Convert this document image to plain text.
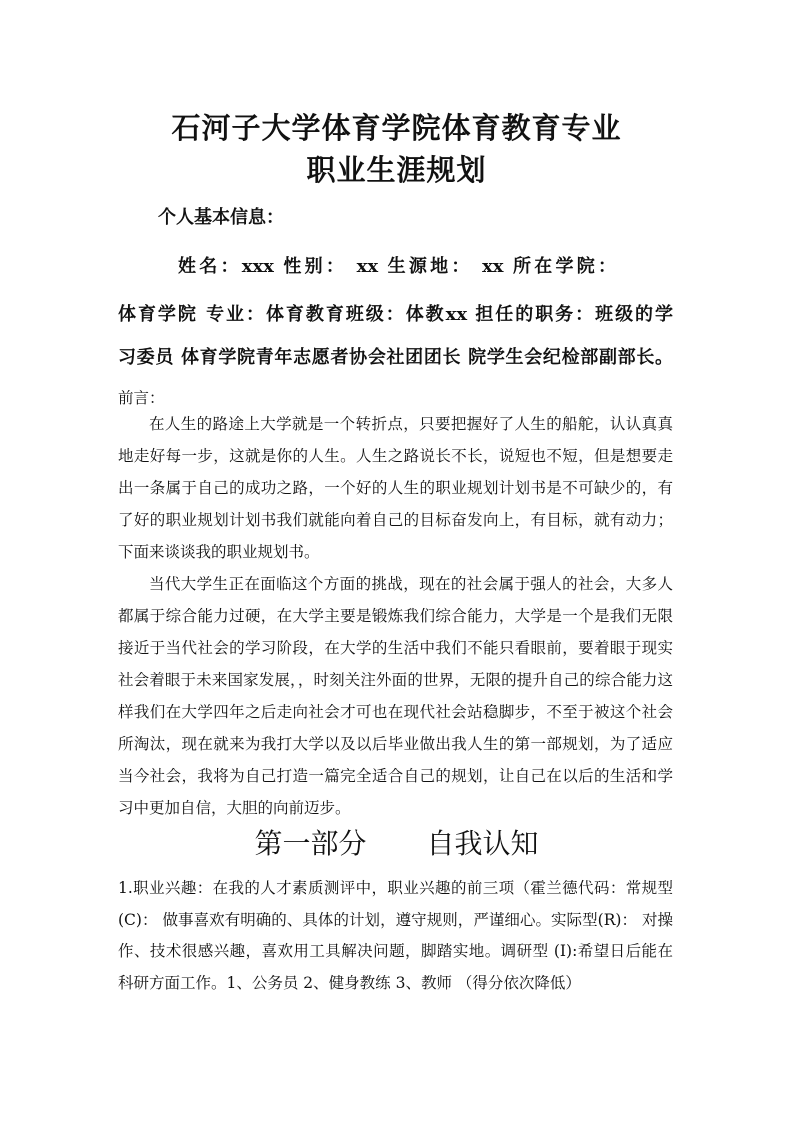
石河子大学体育学院体育教育专业
职业生涯规划
个人基本信息：
姓名：xxx 性别： xx 生源地： xx 所在学院：
体育学院 专业：体育教育班级：体教xx 担任的职务：班级的学
习委员 体育学院青年志愿者协会社团团长 院学生会纪检部副部长。
前言：

在人生的路途上大学就是一个转折点，只要把握好了人生的船舵，认认真真地走好每一步，这就是你的人生。人生之路说长不长，说短也不短，但是想要走出一条属于自己的成功之路，一个好的人生的职业规划计划书是不可缺少的，有了好的职业规划计划书我们就能向着自己的目标奋发向上，有目标，就有动力；下面来谈谈我的职业规划书。

当代大学生正在面临这个方面的挑战，现在的社会属于强人的社会，大多人都属于综合能力过硬，在大学主要是锻炼我们综合能力，大学是一个是我们无限接近于当代社会的学习阶段，在大学的生活中我们不能只看眼前，要着眼于现实社会着眼于未来国家发展，，时刻关注外面的世界，无限的提升自己的综合能力这样我们在大学四年之后走向社会才可也在现代社会站稳脚步，不至于被这个社会所淘汰，现在就来为我打大学以及以后毕业做出我人生的第一部规划，为了适应当今社会，我将为自己打造一篇完全适合自己的规划，让自己在以后的生活和学习中更加自信，大胆的向前迈步。

第一部分 自我认知
1.职业兴趣：在我的人才素质测评中，职业兴趣的前三项（霍兰德代码：常规型(C)： 做事喜欢有明确的、具体的计划，遵守规则，严谨细心。实际型(R)： 对操作、技术很感兴趣，喜欢用工具解决问题，脚踏实地。调研型 (I):希望日后能在科研方面工作。1、公务员 2、健身教练 3、教师 （得分依次降低）
